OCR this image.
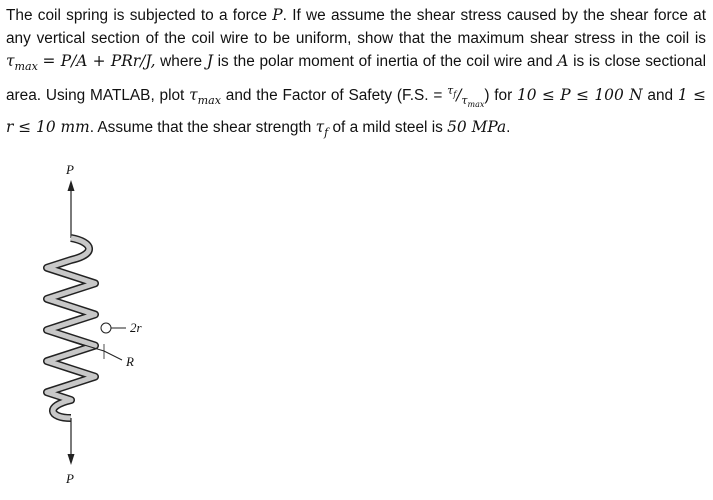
The coil spring is subjected to a force P. If we assume the shear stress caused by the shear force at any vertical section of the coil wire to be uniform, show that the maximum shear stress in the coil is $\tau_{max} = P/A + PRr/J$, where J is the polar moment of inertia of the coil wire and A is is close sectional area. Using MATLAB, plot $\tau_{max}$ and the Factor of Safety (F.S. = $^{\tau_f}/_{\tau_{max}}$) for 10 ≤ P ≤ 100 N and 1 ≤ r ≤ 10 mm. Assume that the shear strength $\tau_f$ of a mild steel is 50 MPa.
P
2r
R
P
